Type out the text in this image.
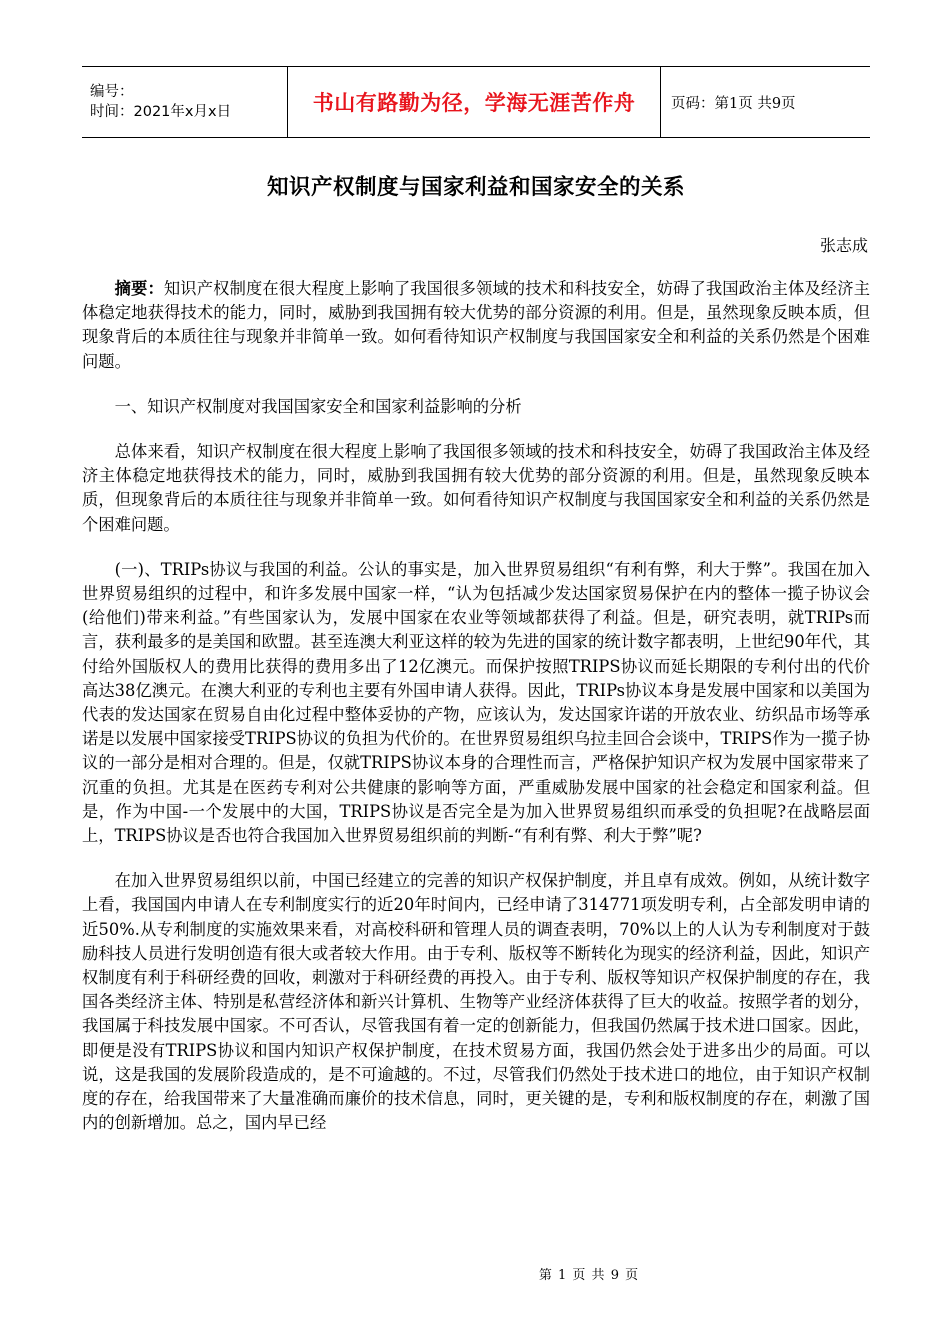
编号：
时间：2021年x月x日	书山有路勤为径，学海无涯苦作舟	页码：第1页 共9页
知识产权制度与国家利益和国家安全的关系
张志成

摘要：知识产权制度在很大程度上影响了我国很多领域的技术和科技安全，妨碍了我国政治主体及经济主体稳定地获得技术的能力，同时，威胁到我国拥有较大优势的部分资源的利用。但是，虽然现象反映本质，但现象背后的本质往往与现象并非简单一致。如何看待知识产权制度与我国国家安全和利益的关系仍然是个困难问题。

一、知识产权制度对我国国家安全和国家利益影响的分析

总体来看，知识产权制度在很大程度上影响了我国很多领域的技术和科技安全，妨碍了我国政治主体及经济主体稳定地获得技术的能力，同时，威胁到我国拥有较大优势的部分资源的利用。但是，虽然现象反映本质，但现象背后的本质往往与现象并非简单一致。如何看待知识产权制度与我国国家安全和利益的关系仍然是个困难问题。

(一)、TRIPs协议与我国的利益。公认的事实是，加入世界贸易组织“有利有弊，利大于弊”。我国在加入世界贸易组织的过程中，和许多发展中国家一样，“认为包括减少发达国家贸易保护在内的整体一揽子协议会(给他们)带来利益。”有些国家认为，发展中国家在农业等领域都获得了利益。但是，研究表明，就TRIPs而言，获利最多的是美国和欧盟。甚至连澳大利亚这样的较为先进的国家的统计数字都表明，上世纪90年代，其付给外国版权人的费用比获得的费用多出了12亿澳元。而保护按照TRIPS协议而延长期限的专利付出的代价高达38亿澳元。在澳大利亚的专利也主要有外国申请人获得。因此，TRIPs协议本身是发展中国家和以美国为代表的发达国家在贸易自由化过程中整体妥协的产物，应该认为，发达国家许诺的开放农业、纺织品市场等承诺是以发展中国家接受TRIPS协议的负担为代价的。在世界贸易组织乌拉圭回合会谈中，TRIPS作为一揽子协议的一部分是相对合理的。但是，仅就TRIPS协议本身的合理性而言，严格保护知识产权为发展中国家带来了沉重的负担。尤其是在医药专利对公共健康的影响等方面，严重威胁发展中国家的社会稳定和国家利益。但是，作为中国-一个发展中的大国，TRIPS协议是否完全是为加入世界贸易组织而承受的负担呢?在战略层面上，TRIPS协议是否也符合我国加入世界贸易组织前的判断-“有利有弊、利大于弊”呢?

在加入世界贸易组织以前，中国已经建立的完善的知识产权保护制度，并且卓有成效。例如，从统计数字上看，我国国内申请人在专利制度实行的近20年时间内，已经申请了314771项发明专利，占全部发明申请的近50%.从专利制度的实施效果来看，对高校科研和管理人员的调查表明，70%以上的人认为专利制度对于鼓励科技人员进行发明创造有很大或者较大作用。由于专利、版权等不断转化为现实的经济利益，因此，知识产权制度有利于科研经费的回收，刺激对于科研经费的再投入。由于专利、版权等知识产权保护制度的存在，我国各类经济主体、特别是私营经济体和新兴计算机、生物等产业经济体获得了巨大的收益。按照学者的划分，我国属于科技发展中国家。不可否认，尽管我国有着一定的创新能力，但我国仍然属于技术进口国家。因此，即便是没有TRIPS协议和国内知识产权保护制度，在技术贸易方面，我国仍然会处于进多出少的局面。可以说，这是我国的发展阶段造成的，是不可逾越的。不过，尽管我们仍然处于技术进口的地位，由于知识产权制度的存在，给我国带来了大量准确而廉价的技术信息，同时，更关键的是，专利和版权制度的存在，刺激了国内的创新增加。总之，国内早已经

第 1 页 共 9 页
